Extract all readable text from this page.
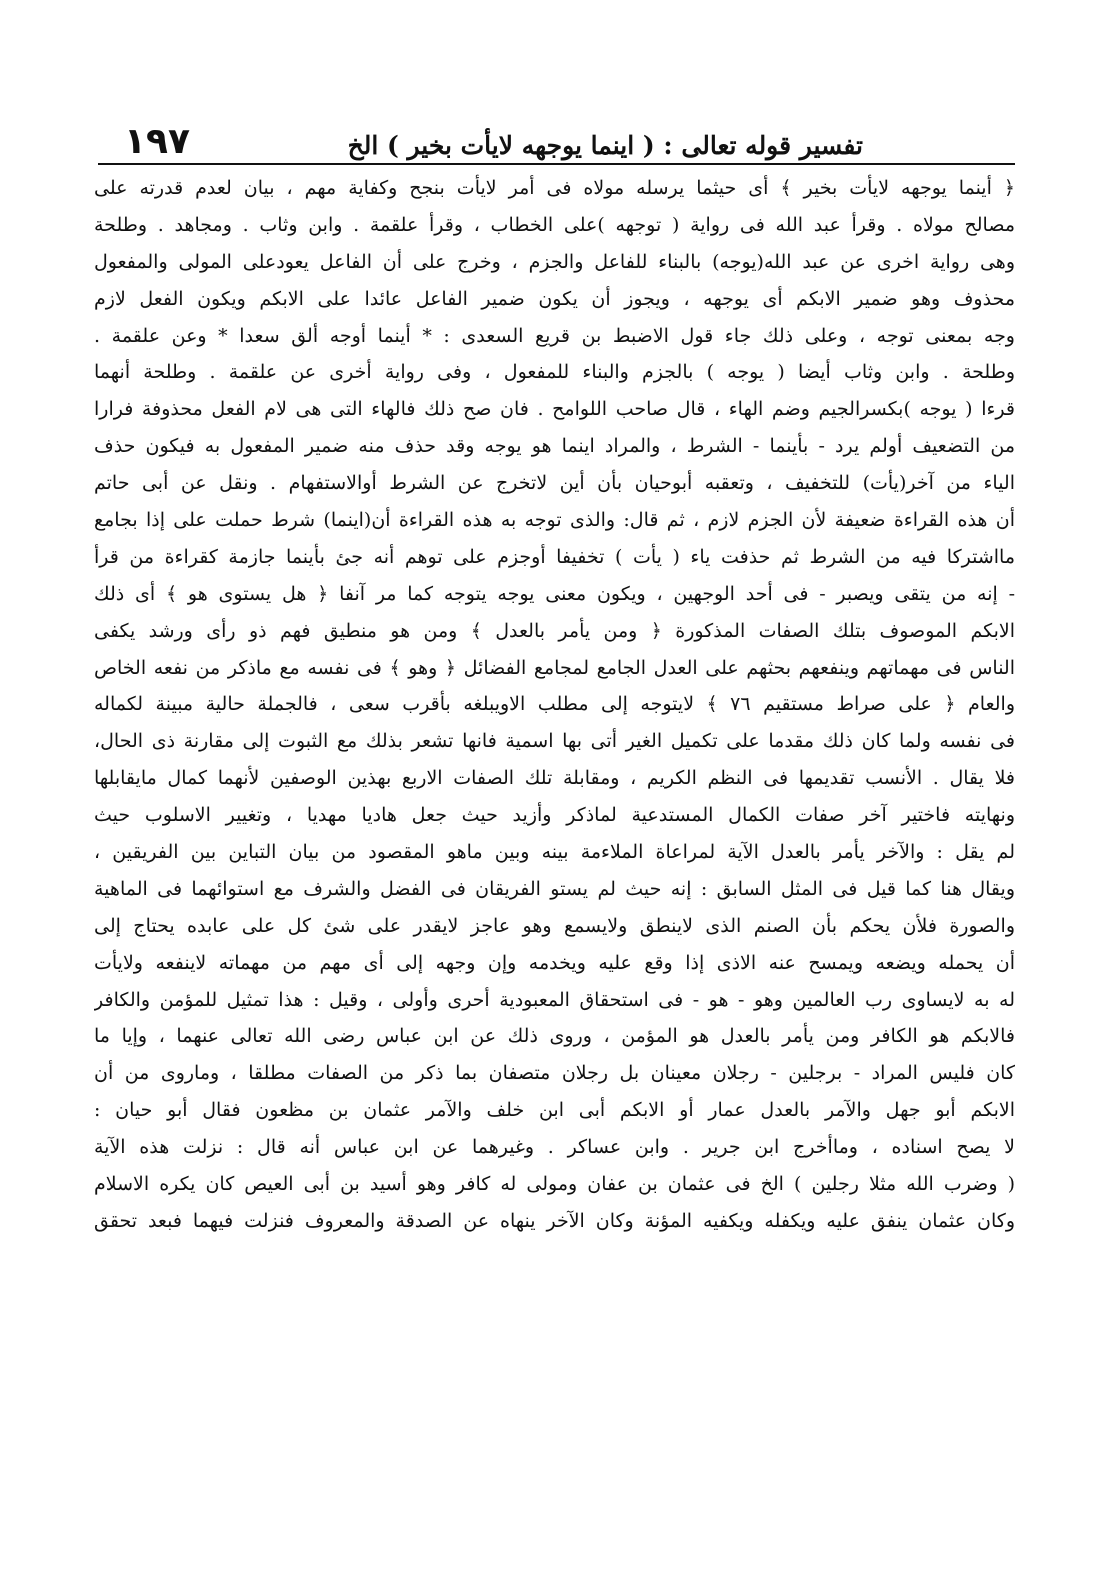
تفسير قوله تعالى : ( اينما يوجهه لايأت بخير ) الخ
١٩٧
﴿ أينما يوجهه لايأت بخير ﴾ أى حيثما يرسله مولاه فى أمر لايأت بنجح وكفاية مهم ، بيان لعدم قدرته على
مصالح مولاه . وقرأ عبد الله فى رواية ( توجهه )على الخطاب ، وقرأ علقمة . وابن وثاب . ومجاهد . وطلحة
وهى رواية اخرى عن عبد الله(يوجه) بالبناء للفاعل والجزم ، وخرج على أن الفاعل يعودعلى المولى والمفعول
محذوف وهو ضمير الابكم أى يوجهه ، ويجوز أن يكون ضمير الفاعل عائدا على الابكم ويكون الفعل لازم
وجه بمعنى توجه ، وعلى ذلك جاء قول الاضبط بن قريع السعدى : * أينما أوجه ألق سعدا * وعن علقمة .
وطلحة . وابن وثاب أيضا ( يوجه ) بالجزم والبناء للمفعول ، وفى رواية أخرى عن علقمة . وطلحة أنهما
قرءا ( يوجه )بكسرالجيم وضم الهاء ، قال صاحب اللوامح . فان صح ذلك فالهاء التى هى لام الفعل محذوفة فرارا
من التضعيف أولم يرد - بأينما - الشرط ، والمراد اينما هو يوجه وقد حذف منه ضمير المفعول به فيكون حذف
الياء من آخر(يأت) للتخفيف ، وتعقبه أبوحيان بأن أين لاتخرج عن الشرط أوالاستفهام . ونقل عن أبى حاتم
أن هذه القراءة ضعيفة لأن الجزم لازم ، ثم قال: والذى توجه به هذه القراءة أن(اينما) شرط حملت على إذا بجامع
مااشتركا فيه من الشرط ثم حذفت ياء ( يأت ) تخفيفا أوجزم على توهم أنه جئ بأينما جازمة كقراءة من قرأ
- إنه من يتقى ويصبر - فى أحد الوجهين ، ويكون معنى يوجه يتوجه كما مر آنفا ﴿ هل يستوى هو ﴾ أى ذلك
الابكم الموصوف بتلك الصفات المذكورة ﴿ ومن يأمر بالعدل ﴾ ومن هو منطيق فهم ذو رأى ورشد يكفى
الناس فى مهماتهم وينفعهم بحثهم على العدل الجامع لمجامع الفضائل ﴿ وهو ﴾ فى نفسه مع ماذكر من نفعه الخاص
والعام ﴿ على صراط مستقيم ٧٦ ﴾ لايتوجه إلى مطلب الاويبلغه بأقرب سعى ، فالجملة حالية مبينة لكماله
فى نفسه ولما كان ذلك مقدما على تكميل الغير أتى بها اسمية فانها تشعر بذلك مع الثبوت إلى مقارنة ذى الحال،
فلا يقال . الأنسب تقديمها فى النظم الكريم ، ومقابلة تلك الصفات الاربع بهذين الوصفين لأنهما كمال مايقابلها
ونهايته فاختير آخر صفات الكمال المستدعية لماذكر وأزيد حيث جعل هاديا مهديا ، وتغيير الاسلوب حيث
لم يقل : والآخر يأمر بالعدل الآية لمراعاة الملاءمة بينه وبين ماهو المقصود من بيان التباين بين الفريقين ،
ويقال هنا كما قيل فى المثل السابق : إنه حيث لم يستو الفريقان فى الفضل والشرف مع استوائهما فى الماهية
والصورة فلأن يحكم بأن الصنم الذى لاينطق ولايسمع وهو عاجز لايقدر على شئ كل على عابده يحتاج إلى
أن يحمله ويضعه ويمسح عنه الاذى إذا وقع عليه ويخدمه وإن وجهه إلى أى مهم من مهماته لاينفعه ولايأت
له به لايساوى رب العالمين وهو - هو - فى استحقاق المعبودية أحرى وأولى ، وقيل : هذا تمثيل للمؤمن والكافر
فالابكم هو الكافر ومن يأمر بالعدل هو المؤمن ، وروى ذلك عن ابن عباس رضى الله تعالى عنهما ، وإيا ما
كان فليس المراد - برجلين - رجلان معينان بل رجلان متصفان بما ذكر من الصفات مطلقا ، وماروى من أن
الابكم أبو جهل والآمر بالعدل عمار أو الابكم أبى ابن خلف والآمر عثمان بن مظعون فقال أبو حيان :
لا يصح اسناده ، وماأخرج ابن جرير . وابن عساكر . وغيرهما عن ابن عباس أنه قال : نزلت هذه الآية
( وضرب الله مثلا رجلين ) الخ فى عثمان بن عفان ومولى له كافر وهو أسيد بن أبى العيص كان يكره الاسلام
وكان عثمان ينفق عليه ويكفله ويكفيه المؤنة وكان الآخر ينهاه عن الصدقة والمعروف فنزلت فيهما فبعد تحقق
